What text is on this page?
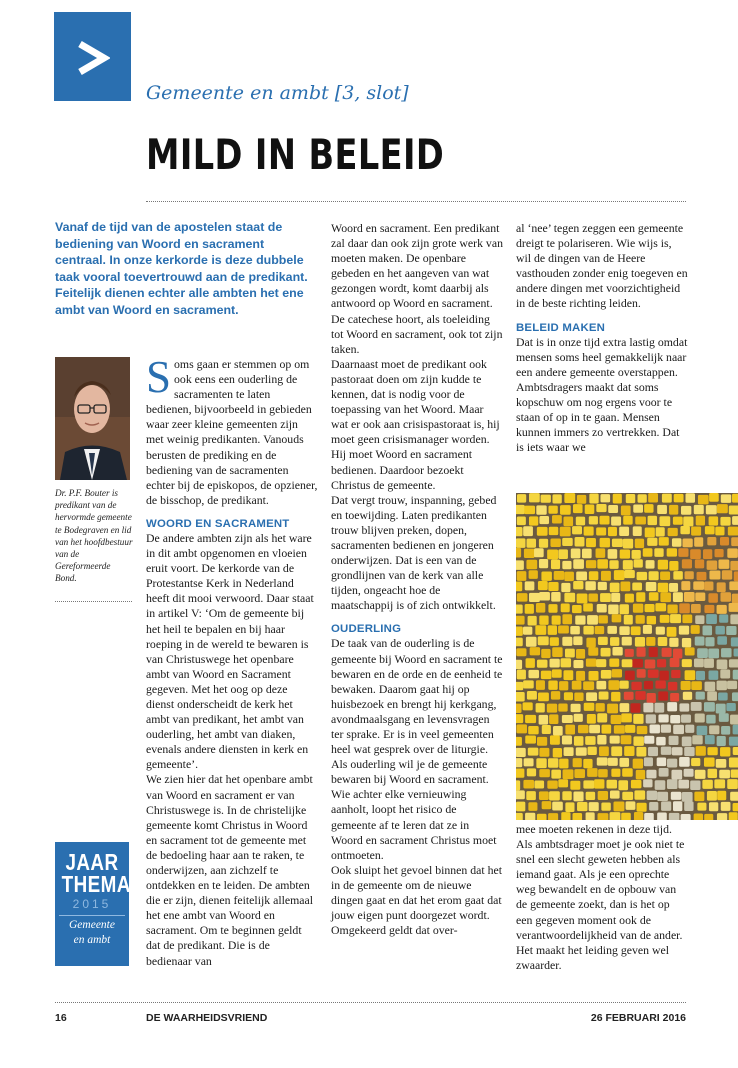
Gemeente en ambt [3, slot]
MILD IN BELEID

Vanaf de tijd van de apostelen staat de bediening van Woord en sacrament centraal. In onze kerkorde is deze dubbele taak vooral toevertrouwd aan de predikant. Feitelijk dienen echter alle ambten het ene ambt van Woord en sacrament.

Dr. P.F. Bouter is predikant van de hervormde gemeente te Bodegraven en lid van het hoofdbestuur van de Gereformeerde Bond.
JAAR
THEMA
2015
Gemeente
en ambt

Soms gaan er stemmen op om ook eens een ouderling de sacramenten te laten bedienen, bijvoorbeeld in gebieden waar zeer kleine gemeenten zijn met weinig predikanten. Vanouds berusten de prediking en de bediening van de sacramenten echter bij de episkopos, de opziener, de bisschop, de predikant.

WOORD EN SACRAMENT

De andere ambten zijn als het ware in dit ambt opgenomen en vloeien eruit voort. De kerkorde van de Protestantse Kerk in Nederland heeft dit mooi verwoord. Daar staat in artikel V: ‘Om de gemeente bij het heil te bepalen en bij haar roeping in de wereld te bewaren is van Christuswege het openbare ambt van Woord en Sacrament gegeven. Met het oog op deze dienst onderscheidt de kerk het ambt van predikant, het ambt van ouderling, het ambt van diaken, evenals andere diensten in kerk en gemeente’.

We zien hier dat het openbare ambt van Woord en sacrament er van Christuswege is. In de christelijke gemeente komt Christus in Woord en sacrament tot de gemeente met de bedoeling haar aan te raken, te onderwijzen, aan zichzelf te ontdekken en te leiden. De ambten die er zijn, dienen feitelijk allemaal het ene ambt van Woord en sacrament. Om te beginnen geldt dat de predikant. Die is de bedienaar van

Woord en sacrament. Een predikant zal daar dan ook zijn grote werk van moeten maken. De openbare gebeden en het aangeven van wat gezongen wordt, komt daarbij als antwoord op Woord en sacrament. De catechese hoort, als toeleiding tot Woord en sacrament, ook tot zijn taken.

Daarnaast moet de predikant ook pastoraat doen om zijn kudde te kennen, dat is nodig voor de toepassing van het Woord. Maar wat er ook aan crisispastoraat is, hij moet geen crisismanager worden. Hij moet Woord en sacrament bedienen. Daardoor bezoekt Christus de gemeente.

Dat vergt trouw, inspanning, gebed en toewijding. Laten predikanten trouw blijven preken, dopen, sacramenten bedienen en jongeren onderwijzen. Dat is een van de grondlijnen van de kerk van alle tijden, ongeacht hoe de maatschappij is of zich ontwikkelt.

OUDERLING

De taak van de ouderling is de gemeente bij Woord en sacrament te bewaren en de orde en de eenheid te bewaken. Daarom gaat hij op huisbezoek en brengt hij kerkgang, avondmaalsgang en levensvragen ter sprake. Er is in veel gemeenten heel wat gesprek over de liturgie. Als ouderling wil je de gemeente bewaren bij Woord en sacrament. Wie achter elke vernieuwing aanholt, loopt het risico de gemeente af te leren dat ze in Woord en sacrament Christus moet ontmoeten.

Ook sluipt het gevoel binnen dat het in de gemeente om de nieuwe dingen gaat en dat het erom gaat dat jouw eigen punt doorgezet wordt. Omgekeerd geldt dat over-

al ‘nee’ tegen zeggen een gemeente dreigt te polariseren. Wie wijs is, wil de dingen van de Heere vasthouden zonder enig toegeven en andere dingen met voorzichtigheid in de beste richting leiden.

BELEID MAKEN

Dat is in onze tijd extra lastig omdat mensen soms heel gemakkelijk naar een andere gemeente overstappen. Ambtsdragers maakt dat soms kopschuw om nog ergens voor te staan of op in te gaan. Mensen kunnen immers zo vertrekken. Dat is iets waar we

mee moeten rekenen in deze tijd. Als ambtsdrager moet je ook niet te snel een slecht geweten hebben als iemand gaat. Als je een oprechte weg bewandelt en de opbouw van de gemeente zoekt, dan is het op een gegeven moment ook de verantwoordelijkheid van de ander. Het maakt het leiding geven wel zwaarder.

16	DE WAARHEIDSVRIEND	26 FEBRUARI 2016
